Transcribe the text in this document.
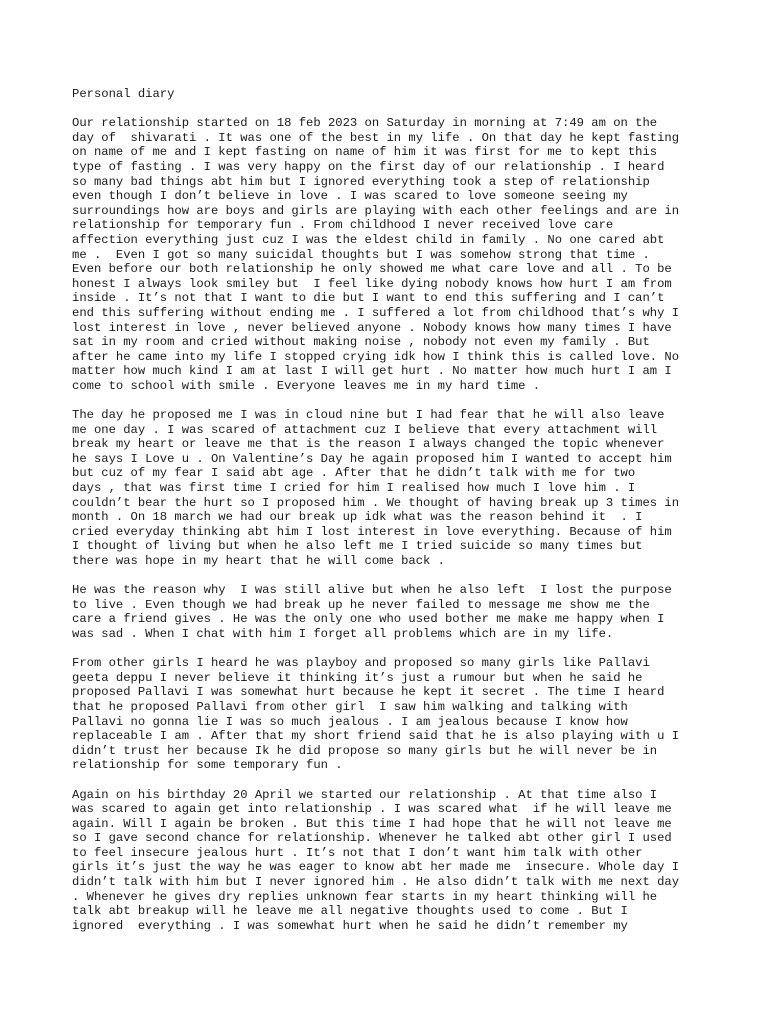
Personal diary
Our relationship started on 18 feb 2023 on Saturday in morning at 7:49 am on the
day of  shivarati . It was one of the best in my life . On that day he kept fasting
on name of me and I kept fasting on name of him it was first for me to kept this
type of fasting . I was very happy on the first day of our relationship . I heard
so many bad things abt him but I ignored everything took a step of relationship
even though I don’t believe in love . I was scared to love someone seeing my
surroundings how are boys and girls are playing with each other feelings and are in
relationship for temporary fun . From childhood I never received love care
affection everything just cuz I was the eldest child in family . No one cared abt
me .  Even I got so many suicidal thoughts but I was somehow strong that time .
Even before our both relationship he only showed me what care love and all . To be
honest I always look smiley but  I feel like dying nobody knows how hurt I am from
inside . It’s not that I want to die but I want to end this suffering and I can’t
end this suffering without ending me . I suffered a lot from childhood that’s why I
lost interest in love , never believed anyone . Nobody knows how many times I have
sat in my room and cried without making noise , nobody not even my family . But
after he came into my life I stopped crying idk how I think this is called love. No
matter how much kind I am at last I will get hurt . No matter how much hurt I am I
come to school with smile . Everyone leaves me in my hard time .
The day he proposed me I was in cloud nine but I had fear that he will also leave
me one day . I was scared of attachment cuz I believe that every attachment will
break my heart or leave me that is the reason I always changed the topic whenever
he says I Love u . On Valentine’s Day he again proposed him I wanted to accept him
but cuz of my fear I said abt age . After that he didn’t talk with me for two
days , that was first time I cried for him I realised how much I love him . I
couldn’t bear the hurt so I proposed him . We thought of having break up 3 times in
month . On 18 march we had our break up idk what was the reason behind it  . I
cried everyday thinking abt him I lost interest in love everything. Because of him
I thought of living but when he also left me I tried suicide so many times but
there was hope in my heart that he will come back .
He was the reason why  I was still alive but when he also left  I lost the purpose
to live . Even though we had break up he never failed to message me show me the
care a friend gives . He was the only one who used bother me make me happy when I
was sad . When I chat with him I forget all problems which are in my life.
From other girls I heard he was playboy and proposed so many girls like Pallavi
geeta deppu I never believe it thinking it’s just a rumour but when he said he
proposed Pallavi I was somewhat hurt because he kept it secret . The time I heard
that he proposed Pallavi from other girl  I saw him walking and talking with
Pallavi no gonna lie I was so much jealous . I am jealous because I know how
replaceable I am . After that my short friend said that he is also playing with u I
didn’t trust her because Ik he did propose so many girls but he will never be in
relationship for some temporary fun .
Again on his birthday 20 April we started our relationship . At that time also I
was scared to again get into relationship . I was scared what  if he will leave me
again. Will I again be broken . But this time I had hope that he will not leave me
so I gave second chance for relationship. Whenever he talked abt other girl I used
to feel insecure jealous hurt . It’s not that I don’t want him talk with other
girls it’s just the way he was eager to know abt her made me  insecure. Whole day I
didn’t talk with him but I never ignored him . He also didn’t talk with me next day
. Whenever he gives dry replies unknown fear starts in my heart thinking will he
talk abt breakup will he leave me all negative thoughts used to come . But I
ignored  everything . I was somewhat hurt when he said he didn’t remember my
